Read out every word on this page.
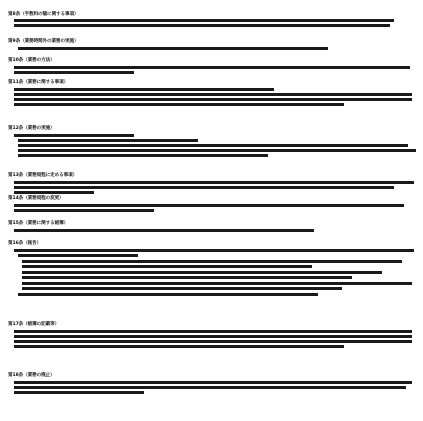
第8条（手数料の額に関する事項）
第9条（業務時間外の業務の実施）
第10条（業務の方法）
第11条（業務に関する事項）
第12条（業務の実施）
第13条（業務規程に定める事項）
第14条（業務規程の変更）
第15条（業務に関する帳簿）
第16条（報告）
第17条（帳簿の記載等）
第18条（業務の廃止）
